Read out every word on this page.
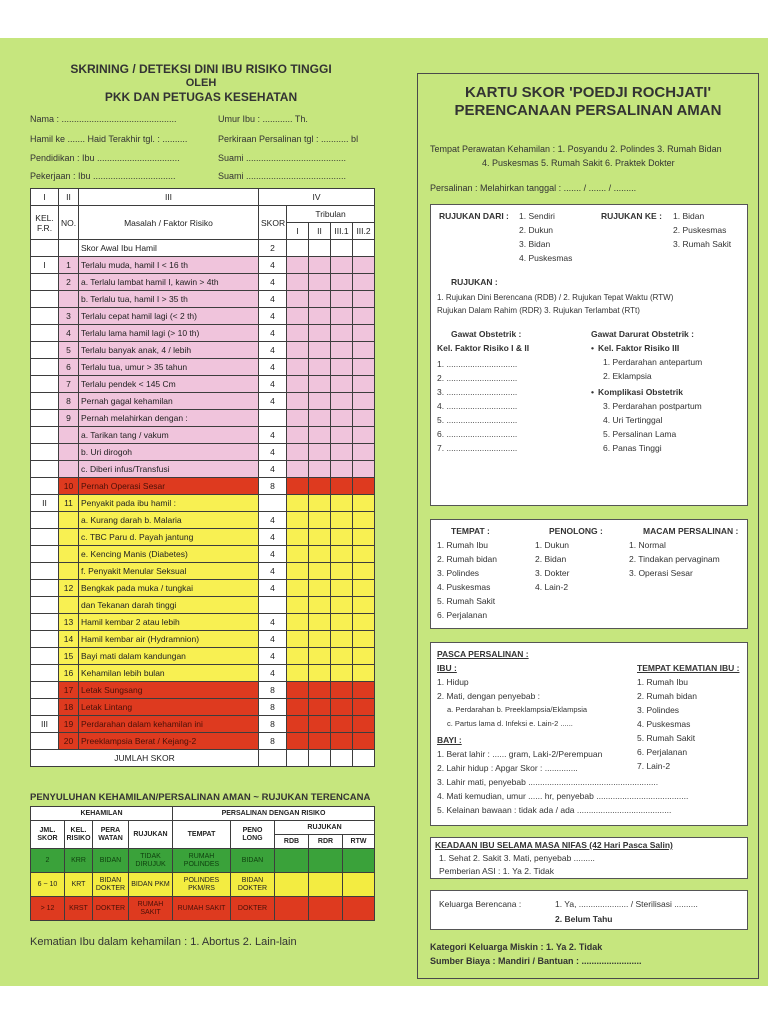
SKRINING / DETEKSI DINI IBU RISIKO TINGGI
OLEH
PKK DAN PETUGAS KESEHATAN
Nama : ..............................................	Umur Ibu : ............ Th.
Hamil ke ....... Haid Terakhir tgl. : ..........	Perkiraan Persalinan tgl : ........... bl
Pendidikan : Ibu .................................	Suami ........................................
Pekerjaan : Ibu .................................	Suami ........................................
I	II	III	IV				
KEL. F.R.	NO.	Masalah / Faktor Risiko	SKOR	Tribulan			
				I	II	III.1	III.2
		Skor Awal Ibu Hamil	2				
I	1	Terlalu muda, hamil I < 16 th	4				
	2	a. Terlalu lambat hamil I, kawin > 4th	4				
		b. Terlalu tua, hamil I > 35 th	4				
	3	Terlalu cepat hamil lagi (< 2 th)	4				
	4	Terlalu lama hamil lagi (> 10 th)	4				
	5	Terlalu banyak anak, 4 / lebih	4				
	6	Terlalu tua, umur > 35 tahun	4				
	7	Terlalu pendek < 145 Cm	4				
	8	Pernah gagal kehamilan	4				
	9	Pernah melahirkan dengan :					
		a. Tarikan tang / vakum	4				
		b. Uri dirogoh	4				
		c. Diberi infus/Transfusi	4				
	10	Pernah Operasi Sesar	8				
II	11	Penyakit pada ibu hamil :					
		a. Kurang darah b. Malaria	4				
		c. TBC Paru d. Payah jantung	4				
		e. Kencing Manis (Diabetes)	4				
		f. Penyakit Menular Seksual	4				
	12	Bengkak pada muka / tungkai	4				
		dan Tekanan darah tinggi					
	13	Hamil kembar 2 atau lebih	4				
	14	Hamil kembar air (Hydramnion)	4				
	15	Bayi mati dalam kandungan	4				
	16	Kehamilan lebih bulan	4				
	17	Letak Sungsang	8				
	18	Letak Lintang	8				
III	19	Perdarahan dalam kehamilan ini	8				
	20	Preeklampsia Berat / Kejang-2	8				
JUMLAH SKOR							
PENYULUHAN KEHAMILAN/PERSALINAN AMAN ~ RUJUKAN TERENCANA
KEHAMILAN				PERSALINAN DENGAN RISIKO				
JML. SKOR	KEL. RISIKO	PERA WATAN	RUJUKAN	TEMPAT	PENO LONG	RUJUKAN		
						RDB	RDR	RTW
2	KRR	BIDAN	TIDAK DIRUJUK	RUMAH POLINDES	BIDAN			
6 ~ 10	KRT	BIDAN DOKTER	BIDAN PKM	POLINDES PKM/RS	BIDAN DOKTER			
> 12	KRST	DOKTER	RUMAH SAKIT	RUMAH SAKIT	DOKTER			
Kematian Ibu dalam kehamilan : 1. Abortus 2. Lain-lain
KARTU SKOR 'POEDJI ROCHJATI'
PERENCANAAN PERSALINAN AMAN
Tempat Perawatan Kehamilan : 1. Posyandu 2. Polindes 3. Rumah Bidan
4. Puskesmas 5. Rumah Sakit 6. Praktek Dokter
Persalinan : Melahirkan tanggal : ....... / ....... / .........
RUJUKAN DARI : 1. Sendiri
2. Dukun
3. Bidan
4. Puskesmas
RUJUKAN KE : 1. Bidan
2. Puskesmas
3. Rumah Sakit
RUJUKAN :
1. Rujukan Dini Berencana (RDB) / 2. Rujukan Tepat Waktu (RTW)
Rujukan Dalam Rahim (RDR) 3. Rujukan Terlambat (RTt)
Gawat Obstetrik :
Kel. Faktor Risiko I & II
1. ..............................
2. ..............................
3. ..............................
4. ..............................
5. ..............................
6. ..............................
7. ..............................
Gawat Darurat Obstetrik :
• Kel. Faktor Risiko III
1. Perdarahan antepartum
2. Eklampsia
• Komplikasi Obstetrik
3. Perdarahan postpartum
4. Uri Tertinggal
5. Persalinan Lama
6. Panas Tinggi
TEMPAT :
1. Rumah Ibu
2. Rumah bidan
3. Polindes
4. Puskesmas
5. Rumah Sakit
6. Perjalanan
PENOLONG :
1. Dukun
2. Bidan
3. Dokter
4. Lain-2
MACAM PERSALINAN :
1. Normal
2. Tindakan pervaginam
3. Operasi Sesar
PASCA PERSALINAN :
IBU :
1. Hidup
2. Mati, dengan penyebab :
a. Perdarahan b. Preeklampsia/Eklampsia
c. Partus lama d. Infeksi e. Lain-2 ......
TEMPAT KEMATIAN IBU :
1. Rumah Ibu
2. Rumah bidan
3. Polindes
4. Puskesmas
5. Rumah Sakit
6. Perjalanan
7. Lain-2
BAYI :
1. Berat lahir : ...... gram, Laki-2/Perempuan
2. Lahir hidup : Apgar Skor : ..............
3. Lahir mati, penyebab .......................................................
4. Mati kemudian, umur ...... hr, penyebab .......................................
5. Kelainan bawaan : tidak ada / ada ........................................
KEADAAN IBU SELAMA MASA NIFAS (42 Hari Pasca Salin)
1. Sehat 2. Sakit 3. Mati, penyebab .........
Pemberian ASI : 1. Ya 2. Tidak
Keluarga Berencana :	1. Ya, ..................... / Sterilisasi ..........
2. Belum Tahu
Kategori Keluarga Miskin : 1. Ya 2. Tidak
Sumber Biaya : Mandiri / Bantuan : ........................
